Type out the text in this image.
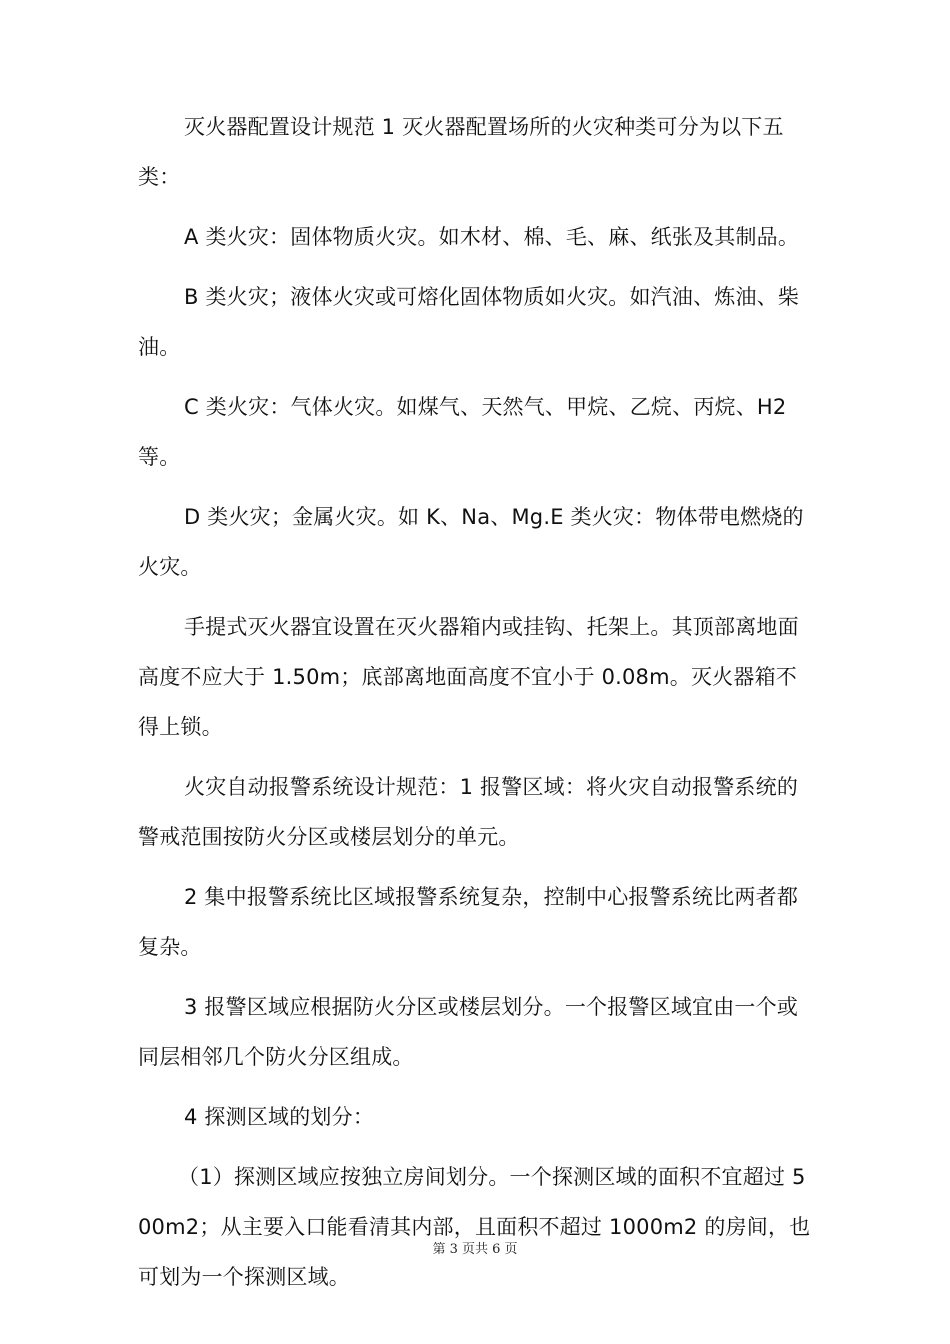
灭火器配置设计规范 1 灭火器配置场所的火灾种类可分为以下五类：

A 类火灾：固体物质火灾。如木材、棉、毛、麻、纸张及其制品。

B 类火灾；液体火灾或可熔化固体物质如火灾。如汽油、炼油、柴油。

C 类火灾：气体火灾。如煤气、天然气、甲烷、乙烷、丙烷、H2 等。

D 类火灾；金属火灾。如 K、Na、Mg.E 类火灾：物体带电燃烧的火灾。

手提式灭火器宜设置在灭火器箱内或挂钩、托架上。其顶部离地面高度不应大于 1.50m；底部离地面高度不宜小于 0.08m。灭火器箱不得上锁。

火灾自动报警系统设计规范：1 报警区域：将火灾自动报警系统的警戒范围按防火分区或楼层划分的单元。

2 集中报警系统比区域报警系统复杂，控制中心报警系统比两者都复杂。

3 报警区域应根据防火分区或楼层划分。一个报警区域宜由一个或同层相邻几个防火分区组成。

4 探测区域的划分：

（1）探测区域应按独立房间划分。一个探测区域的面积不宜超过 500m2；从主要入口能看清其内部，且面积不超过 1000m2 的房间，也可划为一个探测区域。

第 3 页共 6 页
